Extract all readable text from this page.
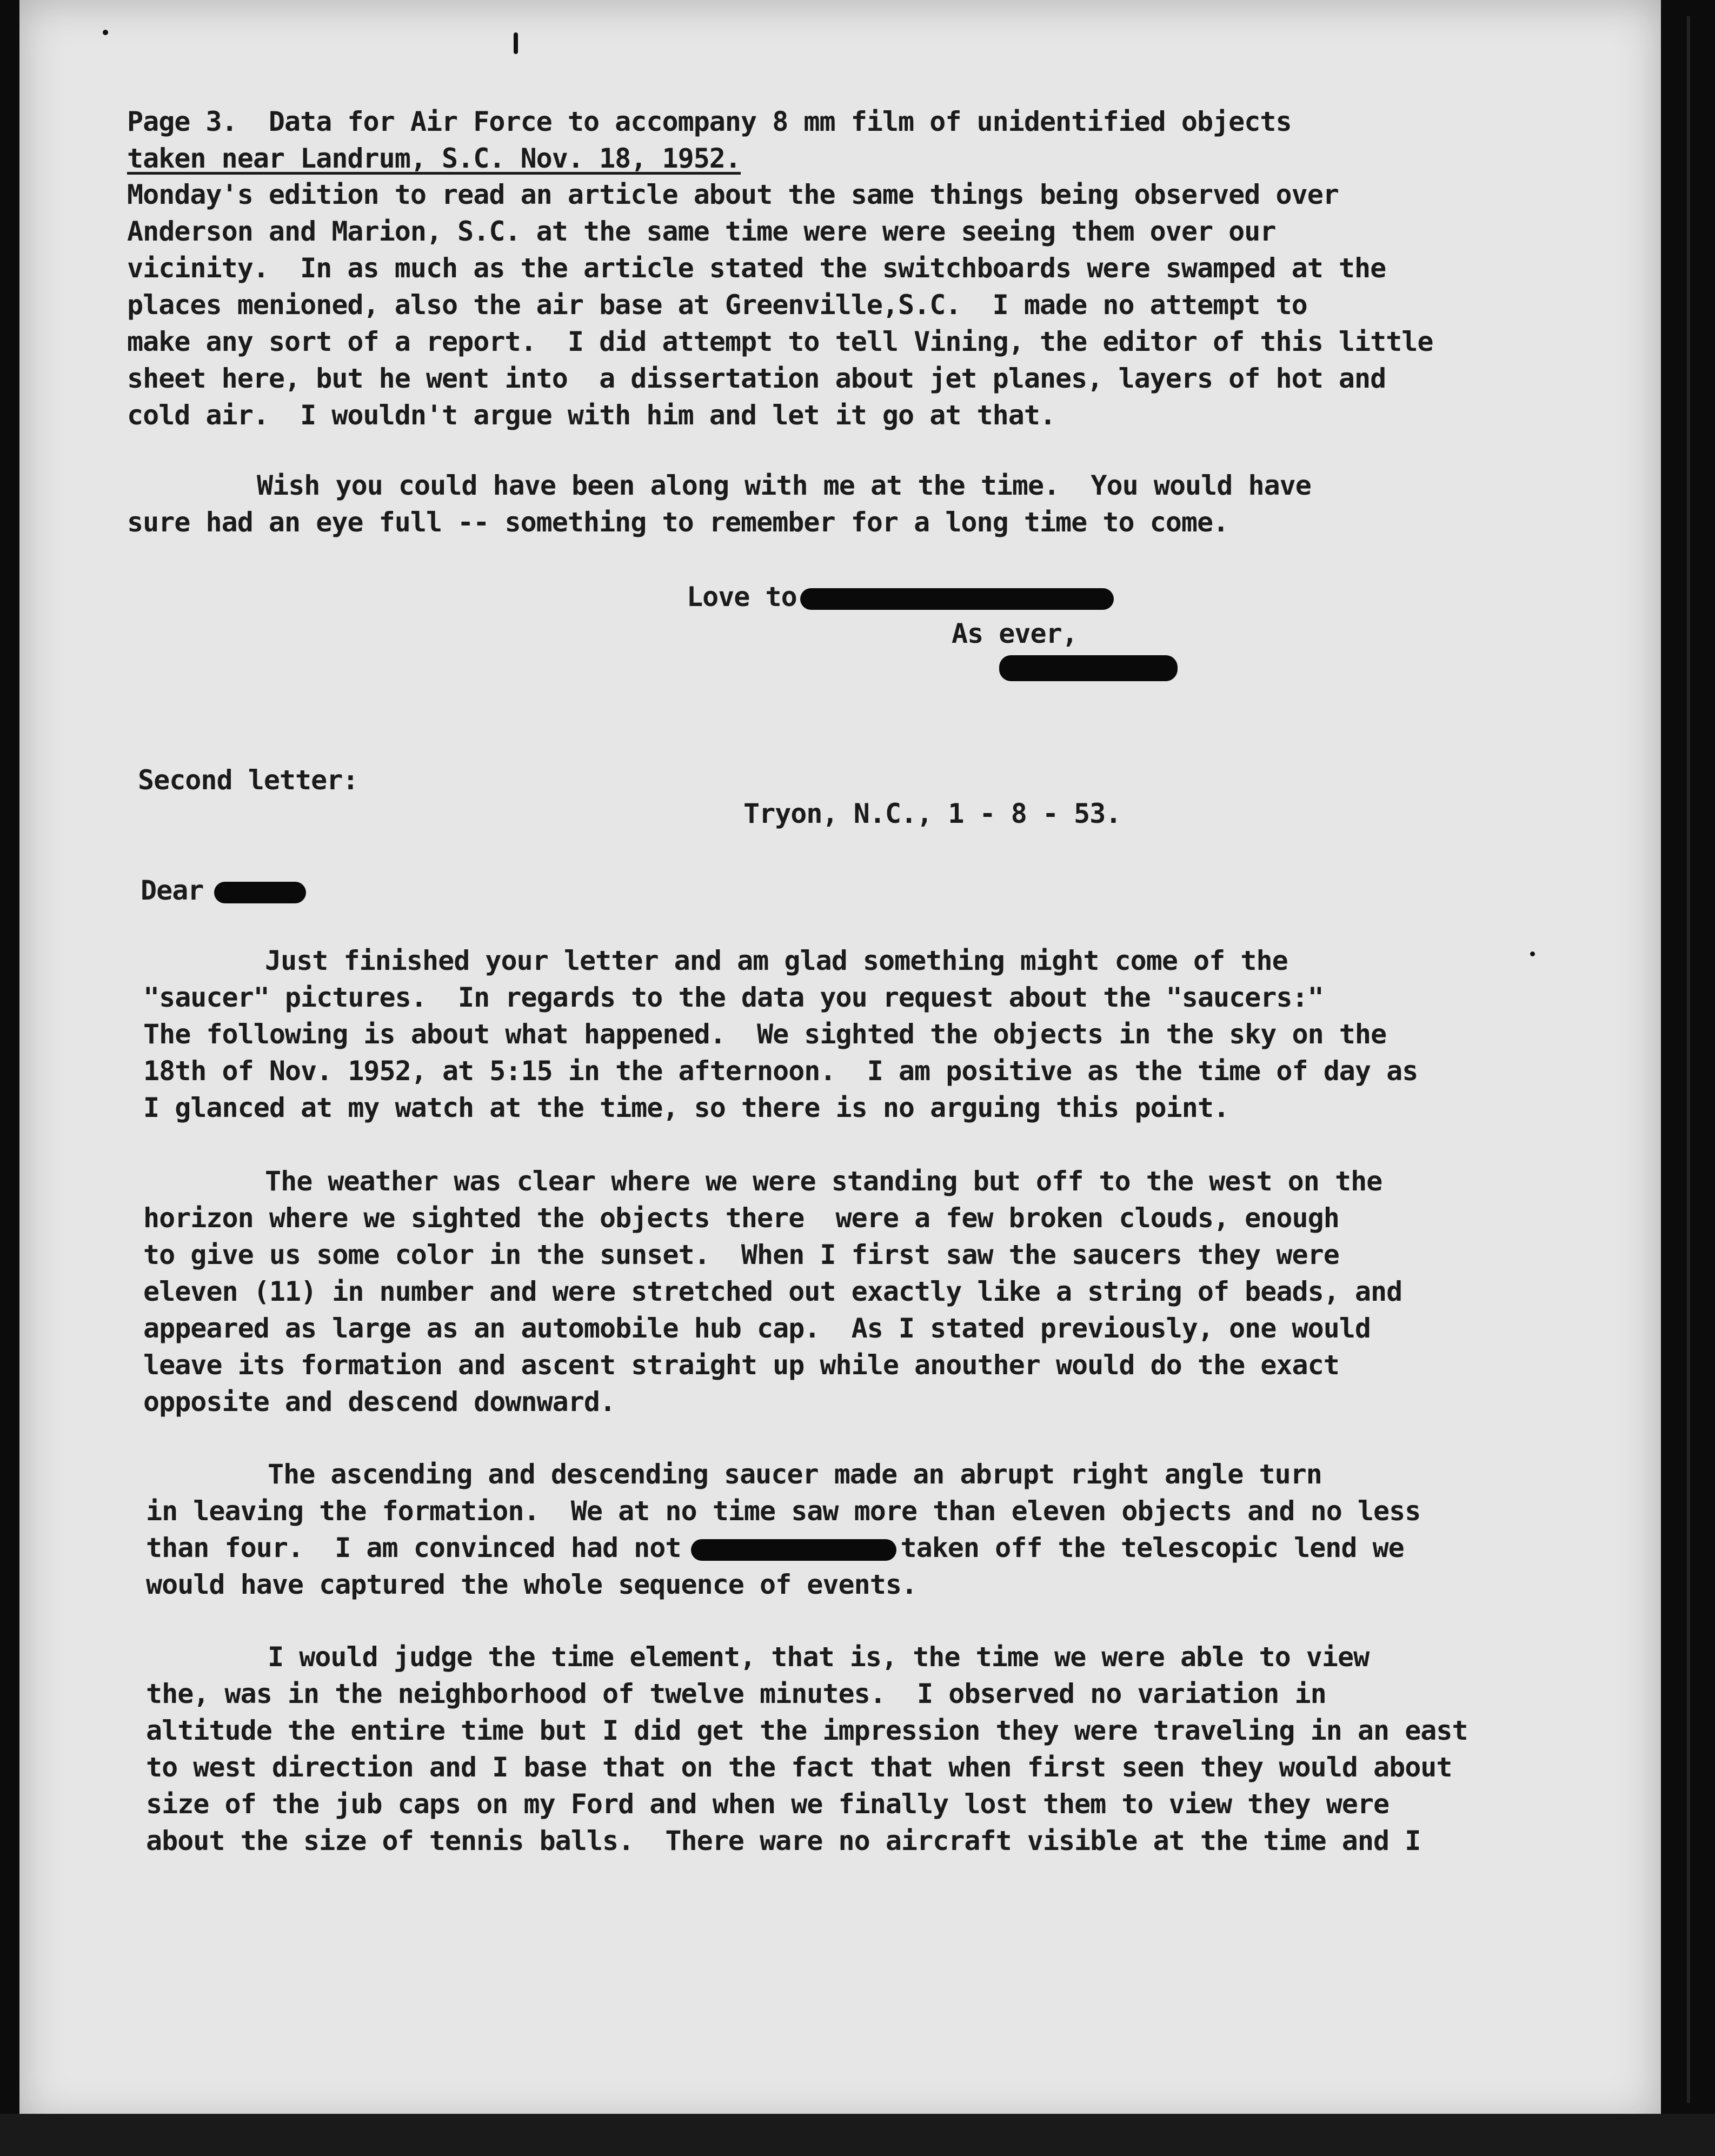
Page 3.  Data for Air Force to accompany 8 mm film of unidentified objects
taken near Landrum, S.C. Nov. 18, 1952.
Monday's edition to read an article about the same things being observed over
Anderson and Marion, S.C. at the same time were were seeing them over our
vicinity.  In as much as the article stated the switchboards were swamped at the
places menioned, also the air base at Greenville,S.C.  I made no attempt to
make any sort of a report.  I did attempt to tell Vining, the editor of this little
sheet here, but he went into  a dissertation about jet planes, layers of hot and
cold air.  I wouldn't argue with him and let it go at that.
Wish you could have been along with me at the time.  You would have
sure had an eye full -- something to remember for a long time to come.
Love to
As ever,
Second letter:
Tryon, N.C., 1 - 8 - 53.
Dear
Just finished your letter and am glad something might come of the
"saucer" pictures.  In regards to the data you request about the "saucers:"
The following is about what happened.  We sighted the objects in the sky on the
18th of Nov. 1952, at 5:15 in the afternoon.  I am positive as the time of day as
I glanced at my watch at the time, so there is no arguing this point.
The weather was clear where we were standing but off to the west on the
horizon where we sighted the objects there  were a few broken clouds, enough
to give us some color in the sunset.  When I first saw the saucers they were
eleven (11) in number and were stretched out exactly like a string of beads, and
appeared as large as an automobile hub cap.  As I stated previously, one would
leave its formation and ascent straight up while anouther would do the exact
opposite and descend downward.
The ascending and descending saucer made an abrupt right angle turn
in leaving the formation.  We at no time saw more than eleven objects and no less
than four.  I am convinced had not	taken off the telescopic lend we
would have captured the whole sequence of events.
I would judge the time element, that is, the time we were able to view
the, was in the neighborhood of twelve minutes.  I observed no variation in
altitude the entire time but I did get the impression they were traveling in an east
to west direction and I base that on the fact that when first seen they would about
size of the jub caps on my Ford and when we finally lost them to view they were
about the size of tennis balls.  There ware no aircraft visible at the time and I
